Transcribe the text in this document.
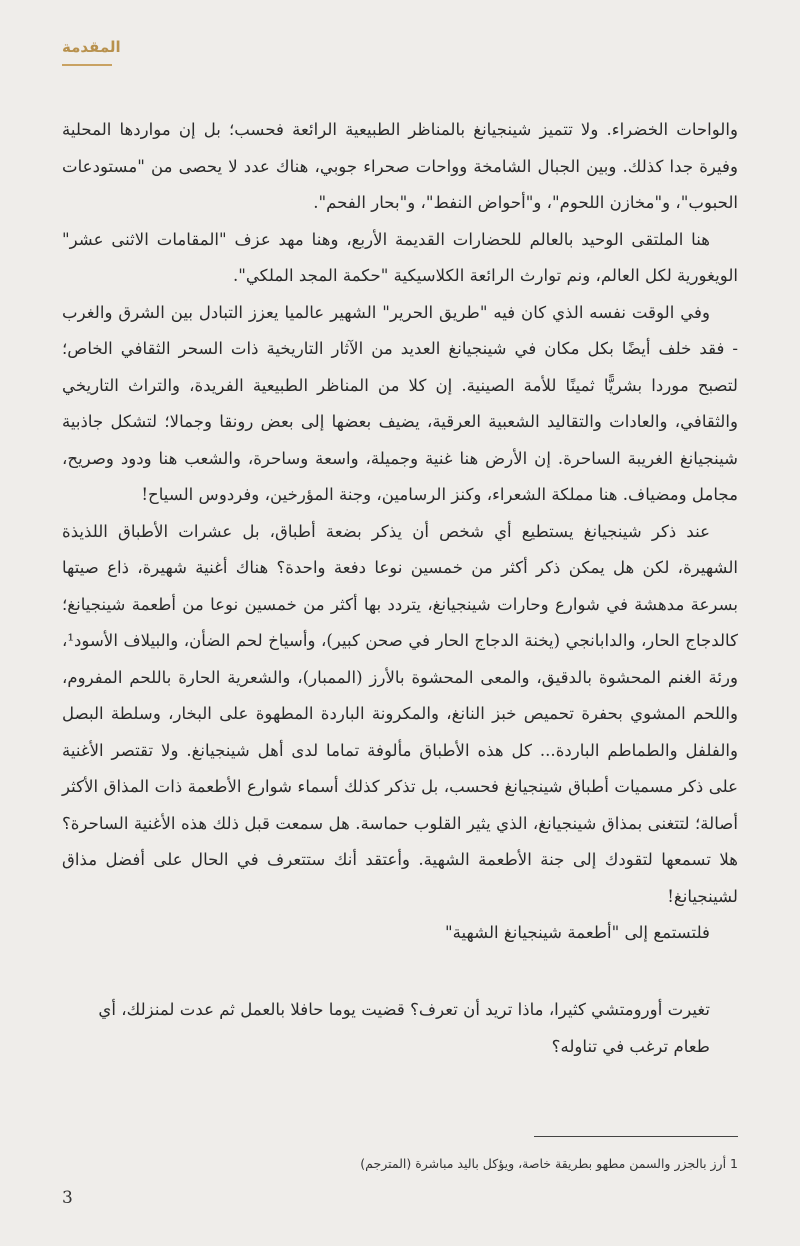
المقدمة

والواحات الخضراء. ولا تتميز شينجيانغ بالمناظر الطبيعية الرائعة فحسب؛ بل إن مواردها المحلية وفيرة جدا كذلك. وبين الجبال الشامخة وواحات صحراء جوبي، هناك عدد لا يحصى من "مستودعات الحبوب"، و"مخازن اللحوم"، و"أحواض النفط"، و"بحار الفحم".

هنا الملتقى الوحيد بالعالم للحضارات القديمة الأربع، وهنا مهد عزف "المقامات الاثنى عشر" الويغورية لكل العالم، ونم توارث الرائعة الكلاسيكية "حكمة المجد الملكي".

وفي الوقت نفسه الذي كان فيه "طريق الحرير" الشهير عالميا يعزز التبادل بين الشرق والغرب - فقد خلف أيضًا بكل مكان في شينجيانغ العديد من الآثار التاريخية ذات السحر الثقافي الخاص؛ لتصبح موردا بشريًّا ثمينًا للأمة الصينية. إن كلا من المناظر الطبيعية الفريدة، والتراث التاريخي والثقافي، والعادات والتقاليد الشعبية العرقية، يضيف بعضها إلى بعض رونقا وجمالا؛ لتشكل جاذبية شينجيانغ الغريبة الساحرة. إن الأرض هنا غنية وجميلة، واسعة وساحرة، والشعب هنا ودود وصريح، مجامل ومضياف. هنا مملكة الشعراء، وكنز الرسامين، وجنة المؤرخين، وفردوس السياح!

عند ذكر شينجيانغ يستطيع أي شخص أن يذكر بضعة أطباق، بل عشرات الأطباق اللذيذة الشهيرة، لكن هل يمكن ذكر أكثر من خمسين نوعا دفعة واحدة؟ هناك أغنية شهيرة، ذاع صيتها بسرعة مدهشة في شوارع وحارات شينجيانغ، يتردد بها أكثر من خمسين نوعا من أطعمة شينجيانغ؛ كالدجاج الحار، والدابانجي (يخنة الدجاج الحار في صحن كبير)، وأسياخ لحم الضأن، والبيلاف الأسود¹، ورئة الغنم المحشوة بالدقيق، والمعى المحشوة بالأرز (الممبار)، والشعرية الحارة باللحم المفروم، واللحم المشوي بحفرة تحميص خبز النانغ، والمكرونة الباردة المطهوة على البخار، وسلطة البصل والفلفل والطماطم الباردة... كل هذه الأطباق مألوفة تماما لدى أهل شينجيانغ. ولا تقتصر الأغنية على ذكر مسميات أطباق شينجيانغ فحسب، بل تذكر كذلك أسماء شوارع الأطعمة ذات المذاق الأكثر أصالة؛ لتتغنى بمذاق شينجيانغ، الذي يثير القلوب حماسة. هل سمعت قبل ذلك هذه الأغنية الساحرة؟ هلا تسمعها لتقودك إلى جنة الأطعمة الشهية. وأعتقد أنك ستتعرف في الحال على أفضل مذاق لشينجيانغ!

فلتستمع إلى "أطعمة شينجيانغ الشهية"

تغيرت أورومتشي كثيرا، ماذا تريد أن تعرف؟ قضيت يوما حافلا بالعمل ثم عدت لمنزلك، أي طعام ترغب في تناوله؟

1 أرز بالجزر والسمن مطهو بطريقة خاصة، ويؤكل باليد مباشرة (المترجم)
3
